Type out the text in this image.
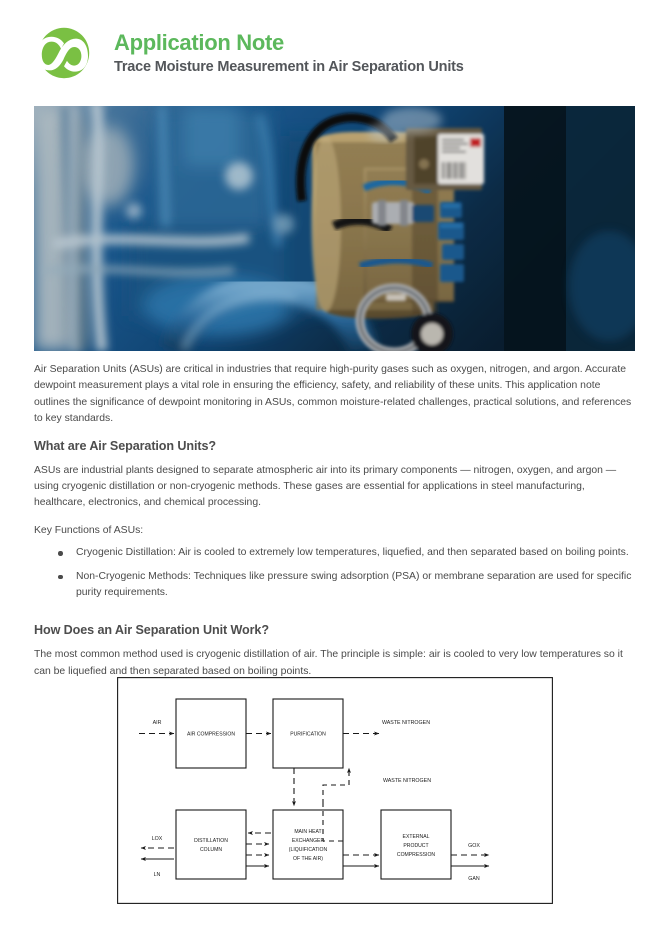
Application Note
Trace Moisture Measurement in Air Separation Units

Air Separation Units (ASUs) are critical in industries that require high-purity gases such as oxygen, nitrogen, and argon. Accurate dewpoint measurement plays a vital role in ensuring the efficiency, safety, and reliability of these units. This application note outlines the significance of dewpoint monitoring in ASUs, common moisture-related challenges, practical solutions, and references to key standards.

What are Air Separation Units?

ASUs are industrial plants designed to separate atmospheric air into its primary components — nitrogen, oxygen, and argon — using cryogenic distillation or non-cryogenic methods. These gases are essential for applications in steel manufacturing, healthcare, electronics, and chemical processing.

Key Functions of ASUs:

Cryogenic Distillation: Air is cooled to extremely low temperatures, liquefied, and then separated based on boiling points.
Non-Cryogenic Methods: Techniques like pressure swing adsorption (PSA) or membrane separation are used for specific purity requirements.
How Does an Air Separation Unit Work?

The most common method used is cryogenic distillation of air. The principle is simple: air is cooled to very low temperatures so it can be liquefied and then separated based on boiling points.

AIR COMPRESSION	PURIFICATION
DISTILLATION
COLUMN
MAIN HEAT
EXCHANGER
(LIQUIFICATION
OF THE AIR)
EXTERNAL
PRODUCT
COMPRESSION
AIR	WASTE NITROGEN
WASTE NITROGEN
LOX
LN
GOX
GAN
